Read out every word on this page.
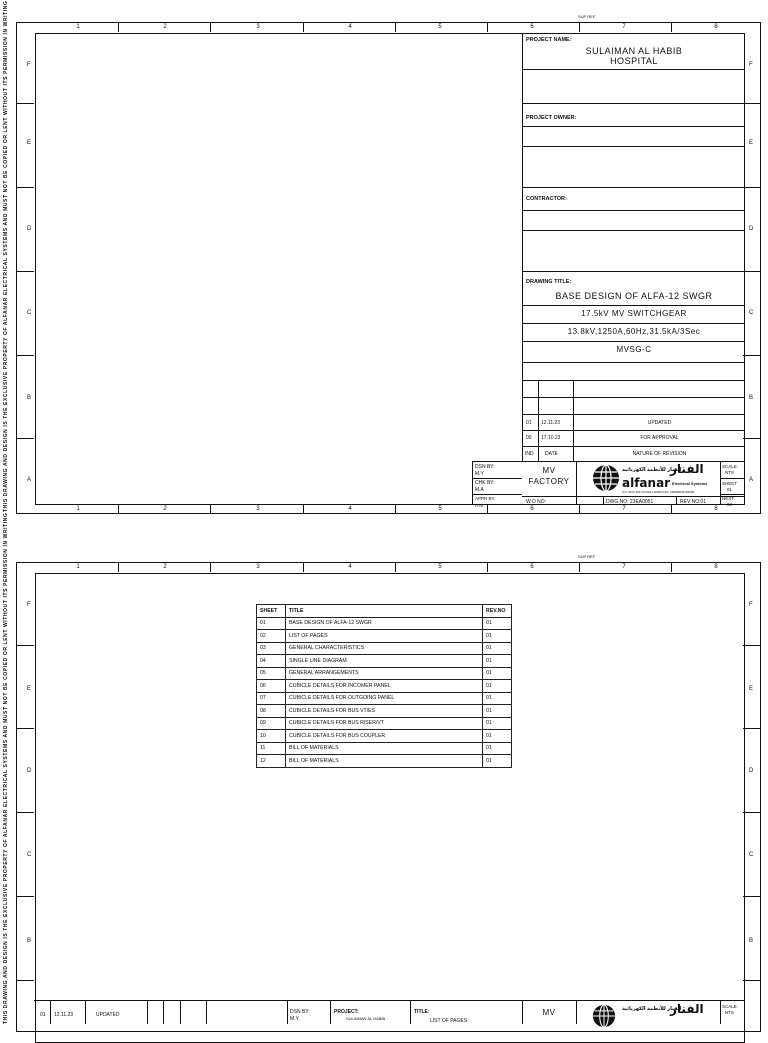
SUP REF.
1	2	3	4	5	6	7	8
1	2	3	4	5	6	7	8
F
E
D
C
B
A
F
E
D
C
B
A
THIS DRAWING AND DESIGN IS THE EXCLUSIVE PROPERTY OF ALFANAR ELECTRICAL SYSTEMS AND MUST NOT BE COPIED OR LENT WITHOUT ITS PERMISSION IN WRITING	PROJECT NAME:
SULAIMAN AL HABIB
HOSPITAL
PROJECT OWNER:
CONTRACTOR:
DRAWING TITLE:
BASE DESIGN OF ALFA-12 SWGR
17.5kV MV SWITCHGEAR
13.8kV,1250A,60Hz,31.5kA/3Sec
MVSG-C
01 12.11.23	UPDATED
00 17.10.23	FOR APPROVAL
IND DATE	NATURE OF REVISION
DSN BY:
M.Y
CHK BY:
M.A
APPR BY:
A.M
MV
FACTORY
W.O NO:
الفنار
الفنار للأنظمة الكهربائية
alfanar Electrical Systems
P.O. BOX 301 RIYADH 11583 KSA. 3500000/3754000
DWG NO: 23EA0051	REV NO:01
SCALE:
NTS
SHEET
01
NEXT:
02
SUP REF.
1	2	3	4	5	6	7	8
F
E
D
C
B
F
E
D
C
B
THIS DRAWING AND DESIGN IS THE EXCLUSIVE PROPERTY OF ALFANAR ELECTRICAL SYSTEMS AND MUST NOT BE COPIED OR LENT WITHOUT ITS PERMISSION IN WRITING	SHEET	TITLE	REV.NO
01	BASE DESIGN OF ALFA-12 SWGR	01
02	LIST OF PAGES	01
03	GENERAL CHARACTERISTICS	01
04	SINGLE LINE DIAGRAM	01
05	GENERAL ARRANGEMENTS	01
06	CUBICLE DETAILS FOR INCOMER PANEL	01
07	CUBICLE DETAILS FOR OUTGOING PANEL	01
08	CUBICLE DETAILS FOR BUS VT/ES	01
09	CUBICLE DETAILS FOR BUS RISER/VT	01
10	CUBICLE DETAILS FOR BUS COUPLER	01
11	BILL OF MATERIALS	01
12	BILL OF MATERIALS	01
01 12.11.23	UPDATED	DSN BY:
M.Y
PROJECT:
SULAIMAN AL HABIB
TITLE:
LIST OF PAGES
MV	الفنار
الفنار للأنظمة الكهربائية	SCALE:
NTS
